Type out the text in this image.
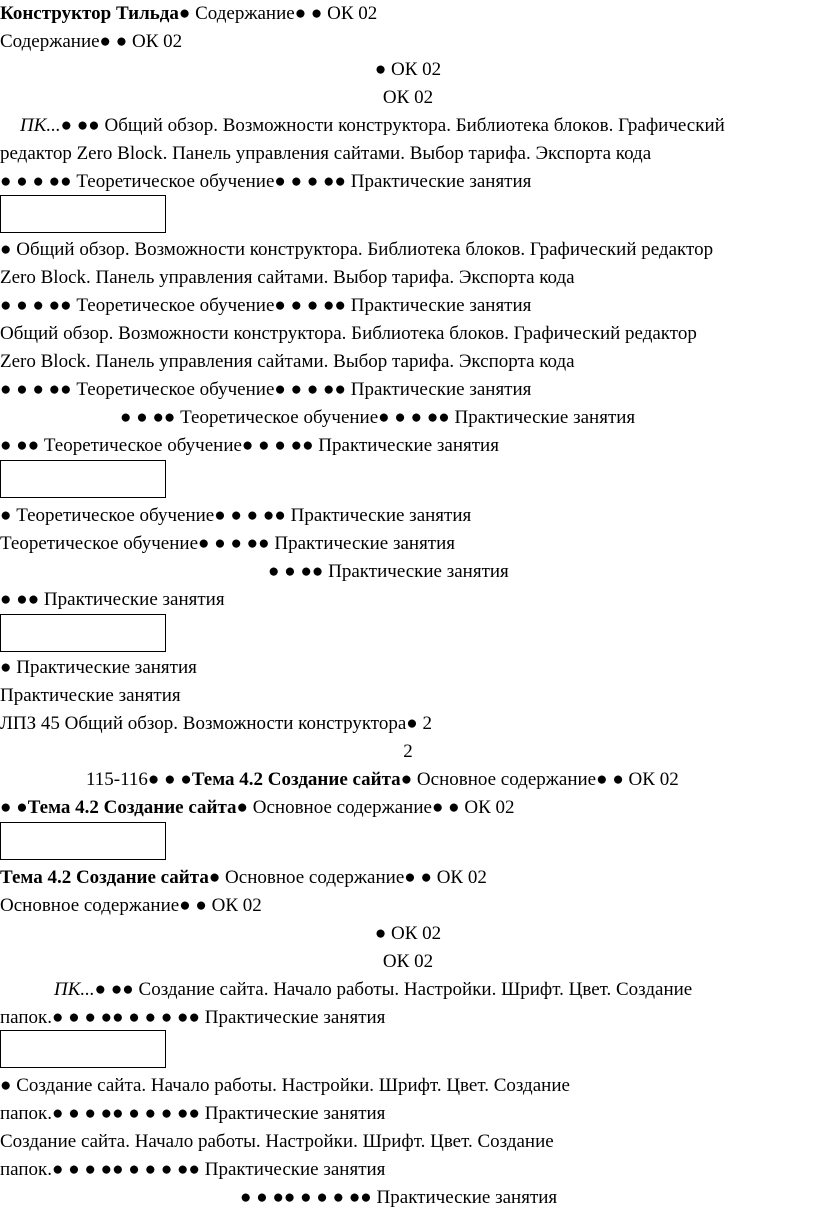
Конструктор Тильда● Содержание● ● ОК 02
Содержание● ● ОК 02
● ОК 02
ОК 02
ПК...● ●● Общий обзор. Возможности конструктора. Библиотека блоков. Графический
редактор Zero Block. Панель управления сайтами. Выбор тарифа. Экспорта кода
● ● ● ●● Теоретическое обучение● ● ● ●● Практические занятия
● Общий обзор. Возможности конструктора. Библиотека блоков. Графический редактор
Zero Block. Панель управления сайтами. Выбор тарифа. Экспорта кода
● ● ● ●● Теоретическое обучение● ● ● ●● Практические занятия
Общий обзор. Возможности конструктора. Библиотека блоков. Графический редактор
Zero Block. Панель управления сайтами. Выбор тарифа. Экспорта кода
● ● ● ●● Теоретическое обучение● ● ● ●● Практические занятия
● ● ●● Теоретическое обучение● ● ● ●● Практические занятия
● ●● Теоретическое обучение● ● ● ●● Практические занятия
● Теоретическое обучение● ● ● ●● Практические занятия
Теоретическое обучение● ● ● ●● Практические занятия
● ● ●● Практические занятия
● ●● Практические занятия
● Практические занятия
Практические занятия
ЛПЗ 45 Общий обзор. Возможности конструктора● 2
2
115-116● ● ●Тема 4.2 Создание сайта● Основное содержание● ● ОК 02
● ●Тема 4.2 Создание сайта● Основное содержание● ● ОК 02
Тема 4.2 Создание сайта● Основное содержание● ● ОК 02
Основное содержание● ● ОК 02
● ОК 02
ОК 02
ПК...● ●● Создание сайта. Начало работы. Настройки. Шрифт. Цвет. Создание
папок.● ● ● ●● ● ● ● ●● Практические занятия
● Создание сайта. Начало работы. Настройки. Шрифт. Цвет. Создание
папок.● ● ● ●● ● ● ● ●● Практические занятия
Создание сайта. Начало работы. Настройки. Шрифт. Цвет. Создание
папок.● ● ● ●● ● ● ● ●● Практические занятия
● ● ●● ● ● ● ●● Практические занятия
